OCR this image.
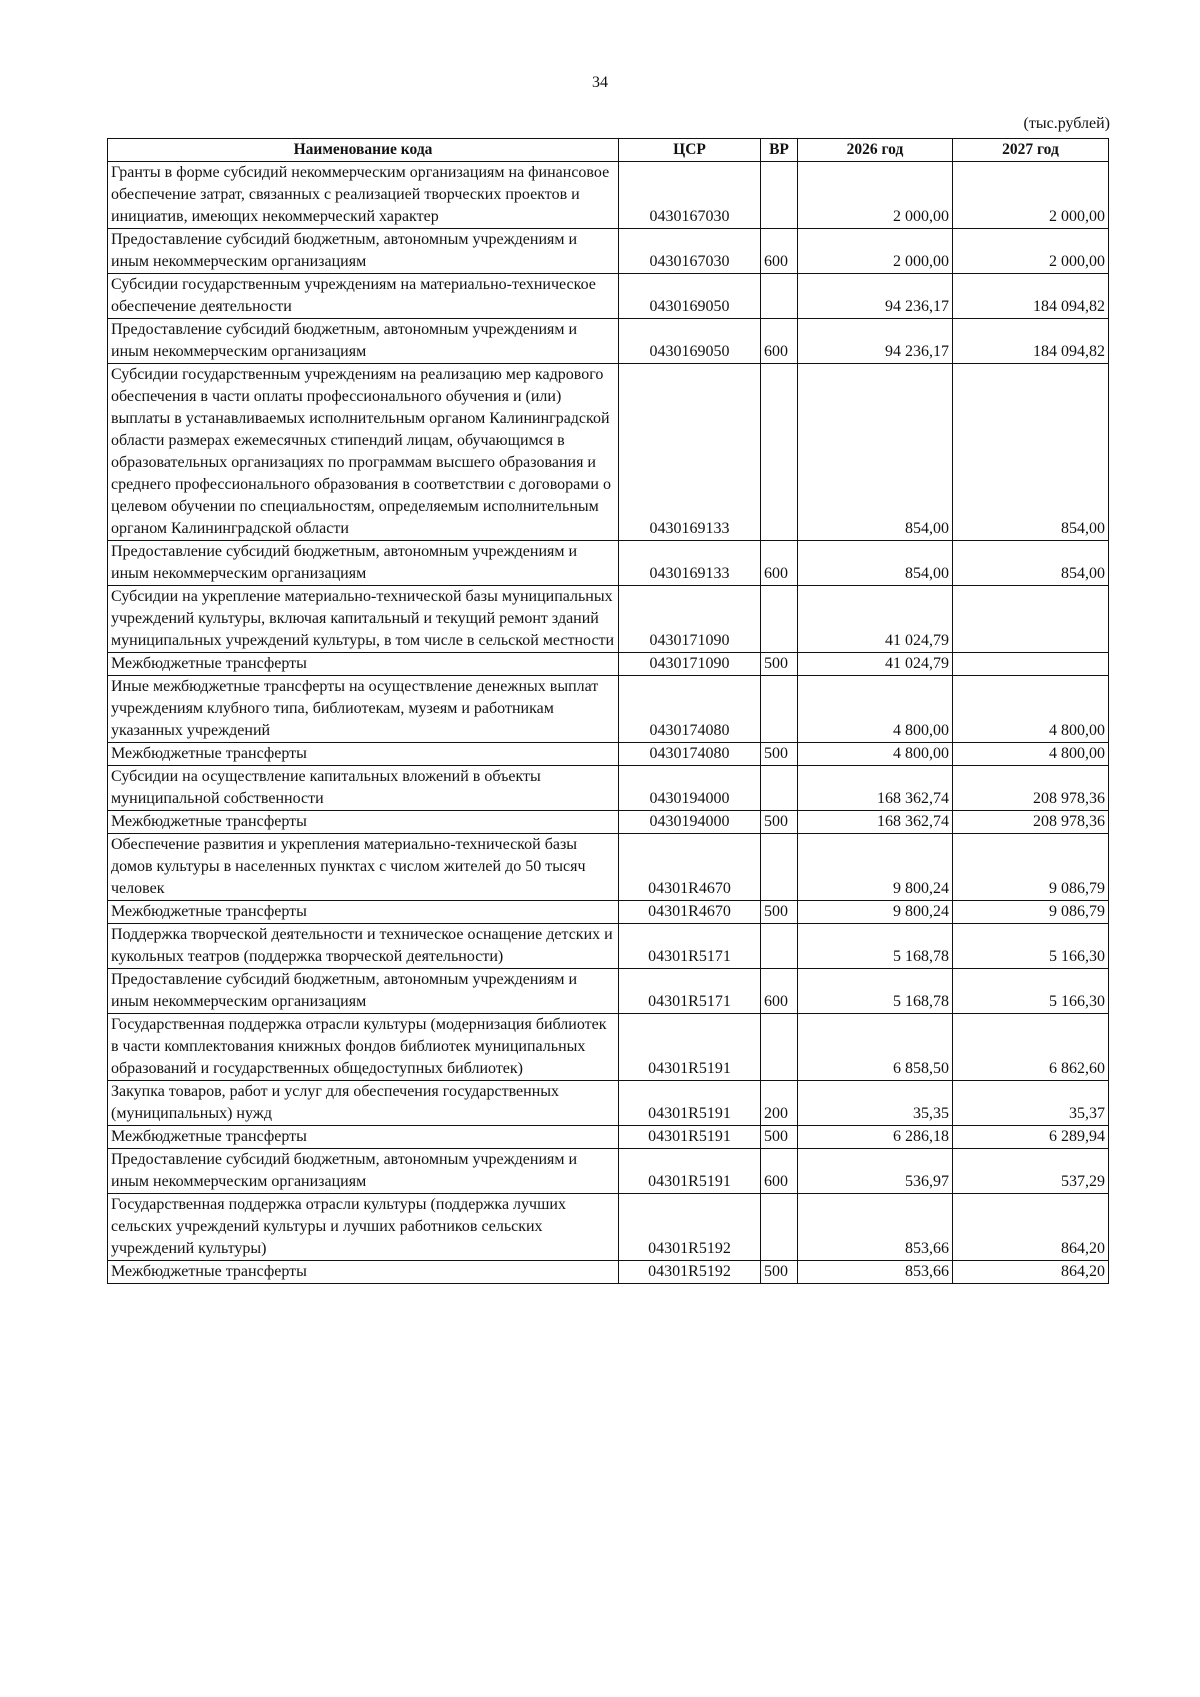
34
(тыс.рублей)
Наименование кода	ЦСР	ВР	2026 год	2027 год
Гранты в форме субсидий некоммерческим организациям на финансовое обеспечение затрат, связанных с реализацией творческих проектов и инициатив, имеющих некоммерческий характер	0430167030		2 000,00	2 000,00
Предоставление субсидий бюджетным, автономным учреждениям и иным некоммерческим организациям	0430167030	600	2 000,00	2 000,00
Субсидии государственным учреждениям на материально-техническое обеспечение деятельности	0430169050		94 236,17	184 094,82
Предоставление субсидий бюджетным, автономным учреждениям и иным некоммерческим организациям	0430169050	600	94 236,17	184 094,82
Субсидии государственным учреждениям на реализацию мер кадрового обеспечения в части оплаты профессионального обучения и (или) выплаты в устанавливаемых исполнительным органом Калининградской области размерах ежемесячных стипендий лицам, обучающимся в образовательных организациях по программам высшего образования и среднего профессионального образования в соответствии с договорами о целевом обучении по специальностям, определяемым исполнительным органом Калининградской области	0430169133		854,00	854,00
Предоставление субсидий бюджетным, автономным учреждениям и иным некоммерческим организациям	0430169133	600	854,00	854,00
Субсидии на укрепление материально-технической базы муниципальных учреждений культуры, включая капитальный и текущий ремонт зданий муниципальных учреждений культуры, в том числе в сельской местности	0430171090		41 024,79	
Межбюджетные трансферты	0430171090	500	41 024,79	
Иные межбюджетные трансферты на осуществление денежных выплат учреждениям клубного типа, библиотекам, музеям и работникам указанных учреждений	0430174080		4 800,00	4 800,00
Межбюджетные трансферты	0430174080	500	4 800,00	4 800,00
Субсидии на осуществление капитальных вложений в объекты муниципальной собственности	0430194000		168 362,74	208 978,36
Межбюджетные трансферты	0430194000	500	168 362,74	208 978,36
Обеспечение развития и укрепления материально-технической базы домов культуры в населенных пунктах с числом жителей до 50 тысяч человек	04301R4670		9 800,24	9 086,79
Межбюджетные трансферты	04301R4670	500	9 800,24	9 086,79
Поддержка творческой деятельности и техническое оснащение детских и кукольных театров (поддержка творческой деятельности)	04301R5171		5 168,78	5 166,30
Предоставление субсидий бюджетным, автономным учреждениям и иным некоммерческим организациям	04301R5171	600	5 168,78	5 166,30
Государственная поддержка отрасли культуры (модернизация библиотек в части комплектования книжных фондов библиотек муниципальных образований и государственных общедоступных библиотек)	04301R5191		6 858,50	6 862,60
Закупка товаров, работ и услуг для обеспечения государственных (муниципальных) нужд	04301R5191	200	35,35	35,37
Межбюджетные трансферты	04301R5191	500	6 286,18	6 289,94
Предоставление субсидий бюджетным, автономным учреждениям и иным некоммерческим организациям	04301R5191	600	536,97	537,29
Государственная поддержка отрасли культуры (поддержка лучших сельских учреждений культуры и лучших работников сельских учреждений культуры)	04301R5192		853,66	864,20
Межбюджетные трансферты	04301R5192	500	853,66	864,20
